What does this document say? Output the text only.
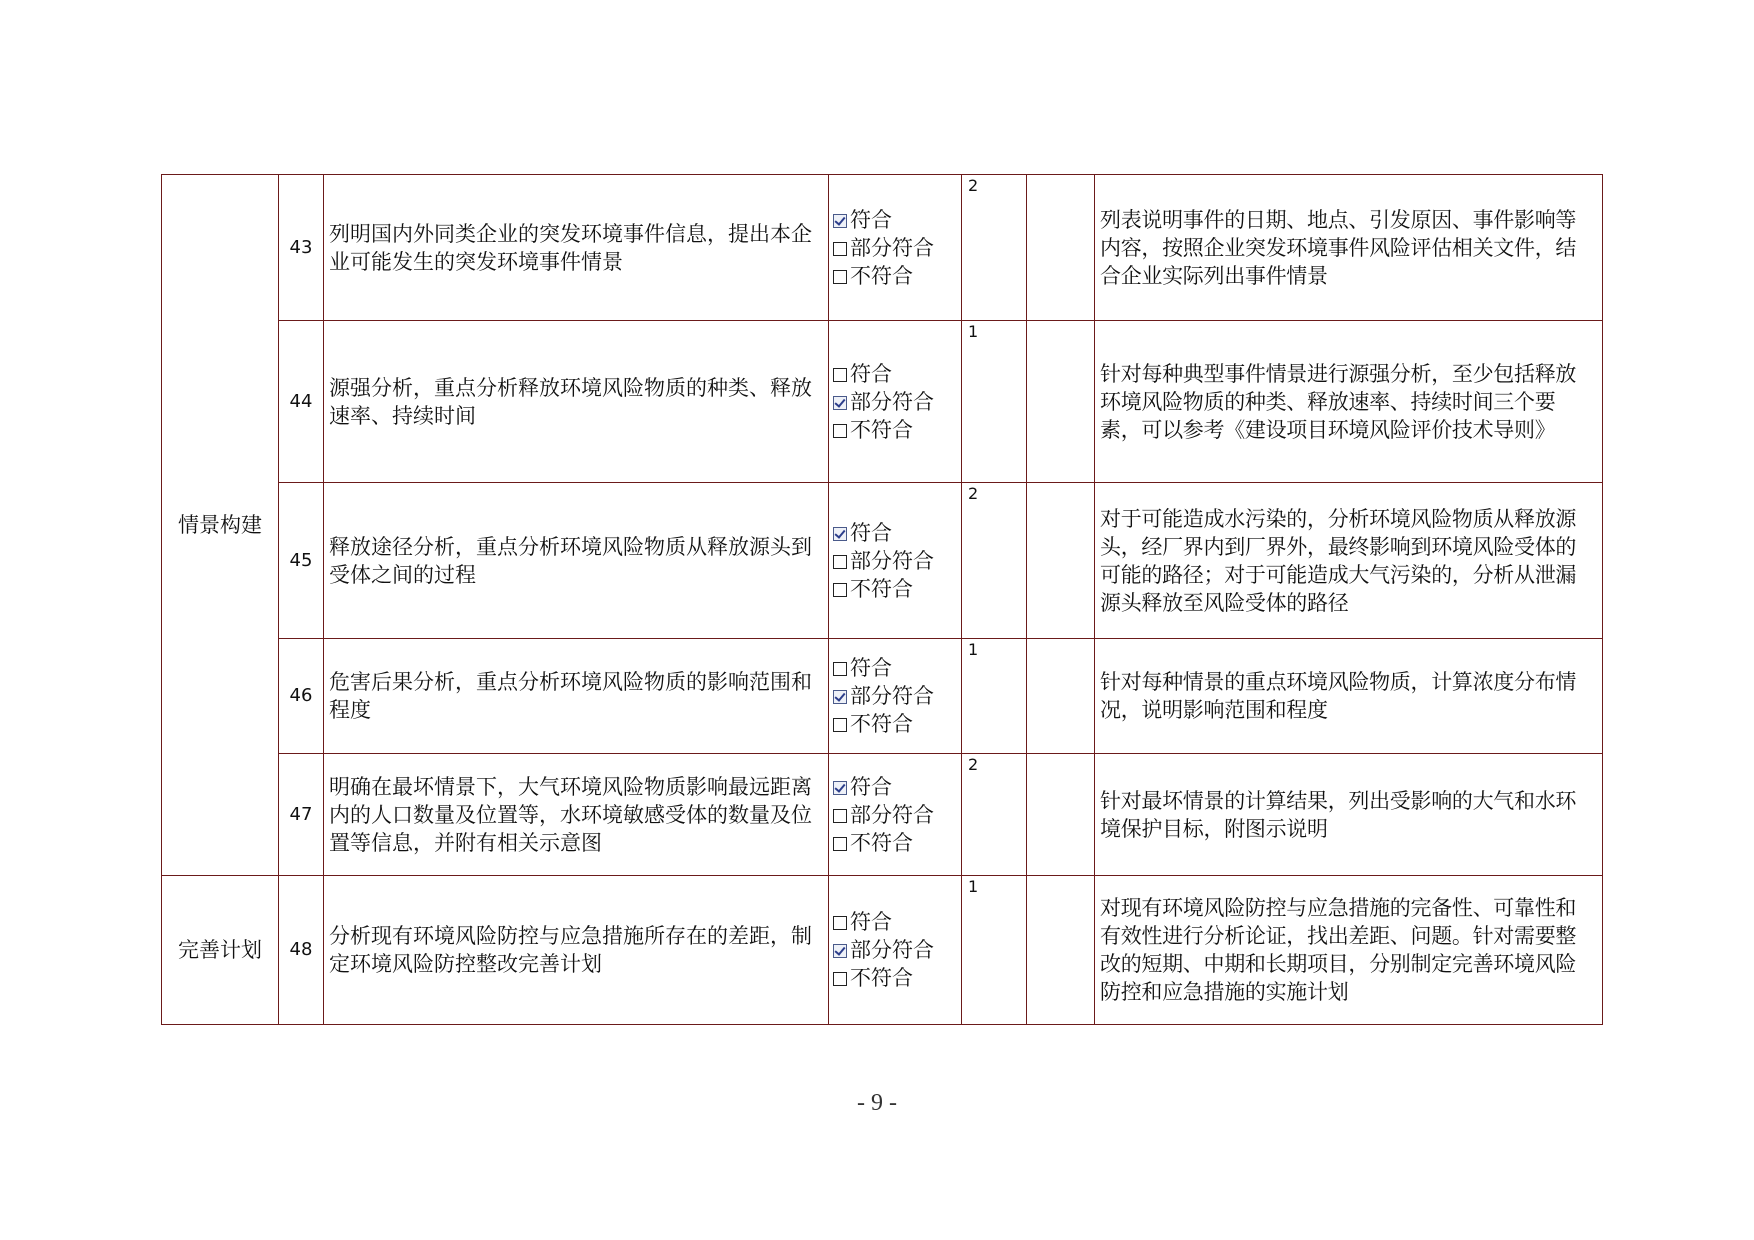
情景构建	43	列明国内外同类企业的突发环境事件信息，提出本企业可能发生的突发环境事件情景	符合
部分符合
不符合	2		列表说明事件的日期、地点、引发原因、事件影响等内容，按照企业突发环境事件风险评估相关文件，结合企业实际列出事件情景
	44	源强分析，重点分析释放环境风险物质的种类、释放速率、持续时间	符合
部分符合
不符合	1		针对每种典型事件情景进行源强分析，至少包括释放环境风险物质的种类、释放速率、持续时间三个要素，可以参考《建设项目环境风险评价技术导则》
	45	释放途径分析，重点分析环境风险物质从释放源头到受体之间的过程	符合
部分符合
不符合	2		对于可能造成水污染的，分析环境风险物质从释放源头，经厂界内到厂界外，最终影响到环境风险受体的可能的路径；对于可能造成大气污染的，分析从泄漏源头释放至风险受体的路径
	46	危害后果分析，重点分析环境风险物质的影响范围和程度	符合
部分符合
不符合	1		针对每种情景的重点环境风险物质，计算浓度分布情况，说明影响范围和程度
	47	明确在最坏情景下，大气环境风险物质影响最远距离内的人口数量及位置等，水环境敏感受体的数量及位置等信息，并附有相关示意图	符合
部分符合
不符合	2		针对最坏情景的计算结果，列出受影响的大气和水环境保护目标，附图示说明
完善计划	48	分析现有环境风险防控与应急措施所存在的差距，制定环境风险防控整改完善计划	符合
部分符合
不符合	1		对现有环境风险防控与应急措施的完备性、可靠性和有效性进行分析论证，找出差距、问题。针对需要整改的短期、中期和长期项目，分别制定完善环境风险防控和应急措施的实施计划
- 9 -
